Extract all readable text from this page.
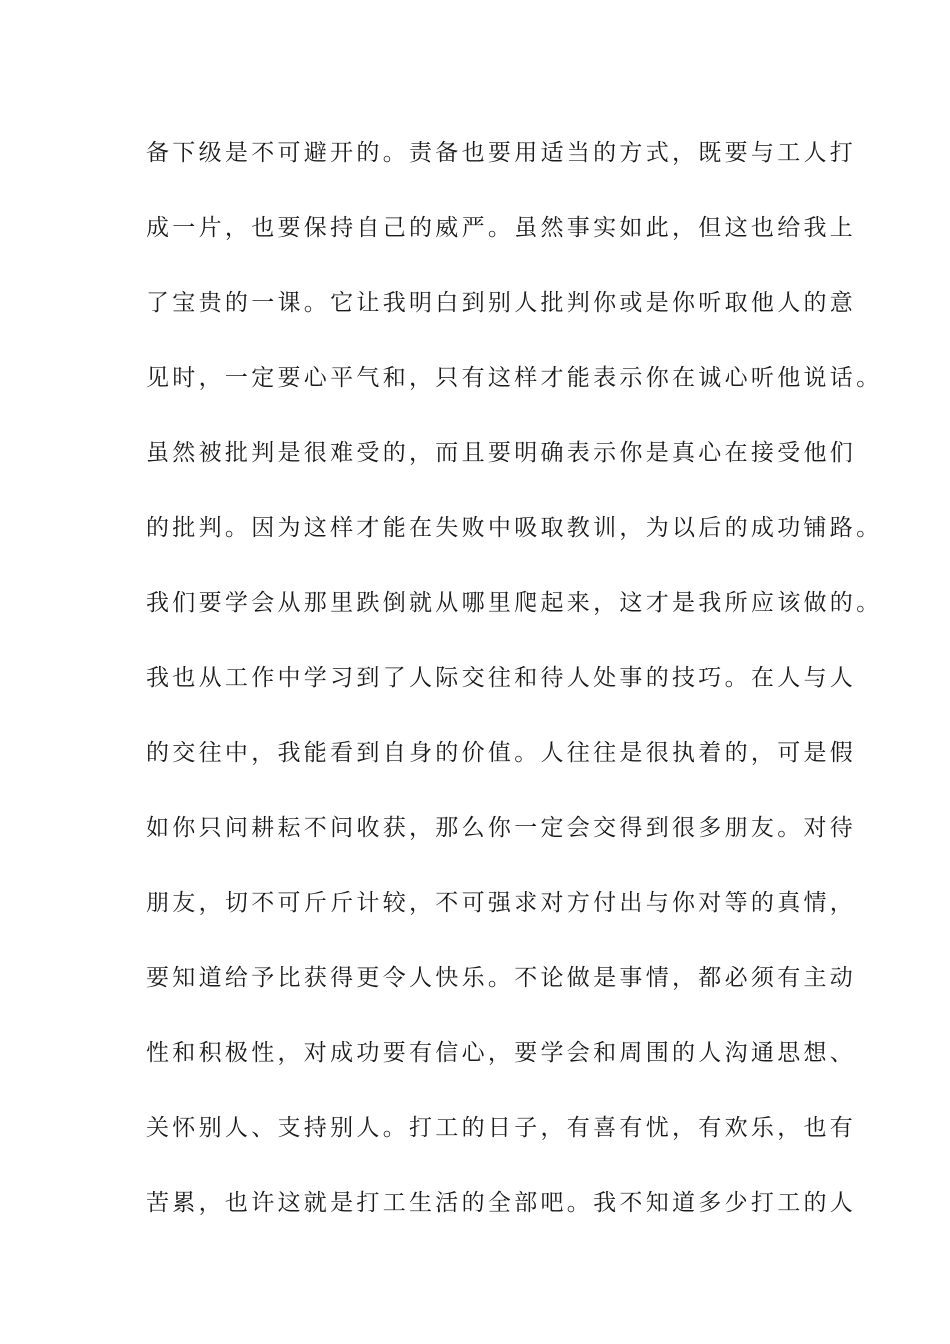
备下级是不可避开的。责备也要用适当的方式，既要与工人打
成一片，也要保持自己的威严。虽然事实如此，但这也给我上
了宝贵的一课。它让我明白到别人批判你或是你听取他人的意
见时，一定要心平气和，只有这样才能表示你在诚心听他说话。
虽然被批判是很难受的，而且要明确表示你是真心在接受他们
的批判。因为这样才能在失败中吸取教训，为以后的成功铺路。
我们要学会从那里跌倒就从哪里爬起来，这才是我所应该做的。
我也从工作中学习到了人际交往和待人处事的技巧。在人与人
的交往中，我能看到自身的价值。人往往是很执着的，可是假
如你只问耕耘不问收获，那么你一定会交得到很多朋友。对待
朋友，切不可斤斤计较，不可强求对方付出与你对等的真情，
要知道给予比获得更令人快乐。不论做是事情，都必须有主动
性和积极性，对成功要有信心，要学会和周围的人沟通思想、
关怀别人、支持别人。打工的日子，有喜有忧，有欢乐，也有
苦累，也许这就是打工生活的全部吧。我不知道多少打工的人
